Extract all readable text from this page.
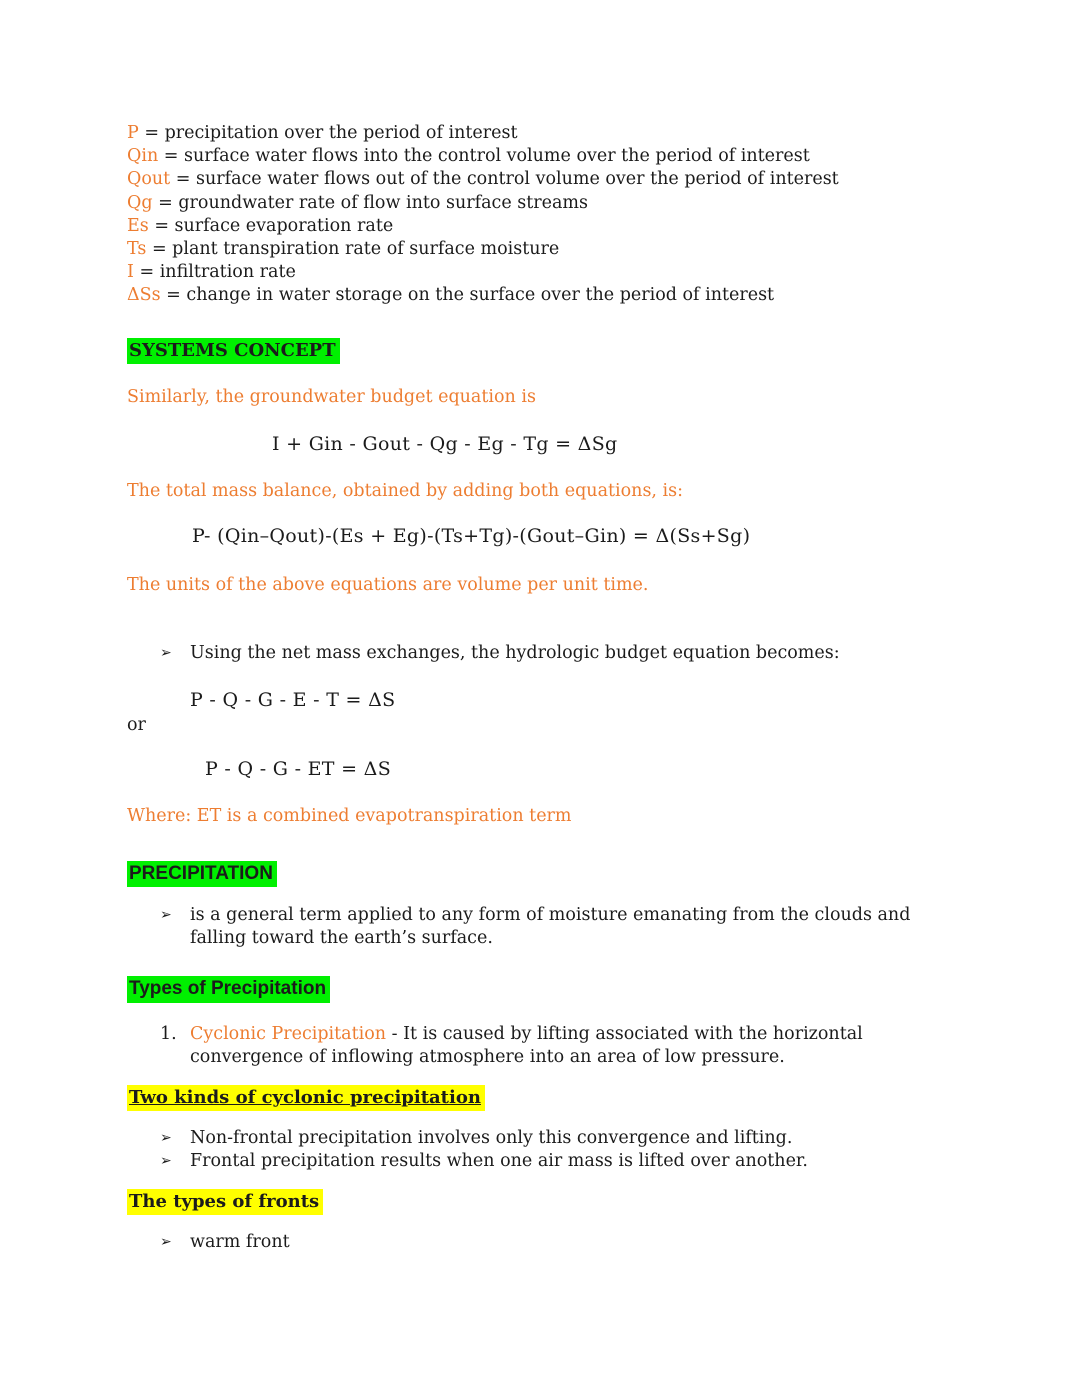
P = precipitation over the period of interest

Qin = surface water flows into the control volume over the period of interest

Qout = surface water flows out of the control volume over the period of interest

Qg = groundwater rate of flow into surface streams

Es = surface evaporation rate

Ts = plant transpiration rate of surface moisture

I = infiltration rate

ΔSs = change in water storage on the surface over the period of interest

SYSTEMS CONCEPT

Similarly, the groundwater budget equation is

I + Gin - Gout - Qg - Eg - Tg = ΔSg

The total mass balance, obtained by adding both equations, is:

P- (Qin–Qout)-(Es + Eg)-(Ts+Tg)-(Gout–Gin) = Δ(Ss+Sg)

The units of the above equations are volume per unit time.

➢	Using the net mass exchanges, the hydrologic budget equation becomes:

P - Q - G - E - T = ΔS

or

P - Q - G - ET = ΔS

Where: ET is a combined evapotranspiration term

PRECIPITATION
➢	is a general term applied to any form of moisture emanating from the clouds and falling toward the earth’s surface.
Types of Precipitation
1. Cyclonic Precipitation - It is caused by lifting associated with the horizontal convergence of inflowing atmosphere into an area of low pressure.
Two kinds of cyclonic precipitation
➢	Non-frontal precipitation involves only this convergence and lifting.
➢	Frontal precipitation results when one air mass is lifted over another.
The types of fronts
➢	warm front
